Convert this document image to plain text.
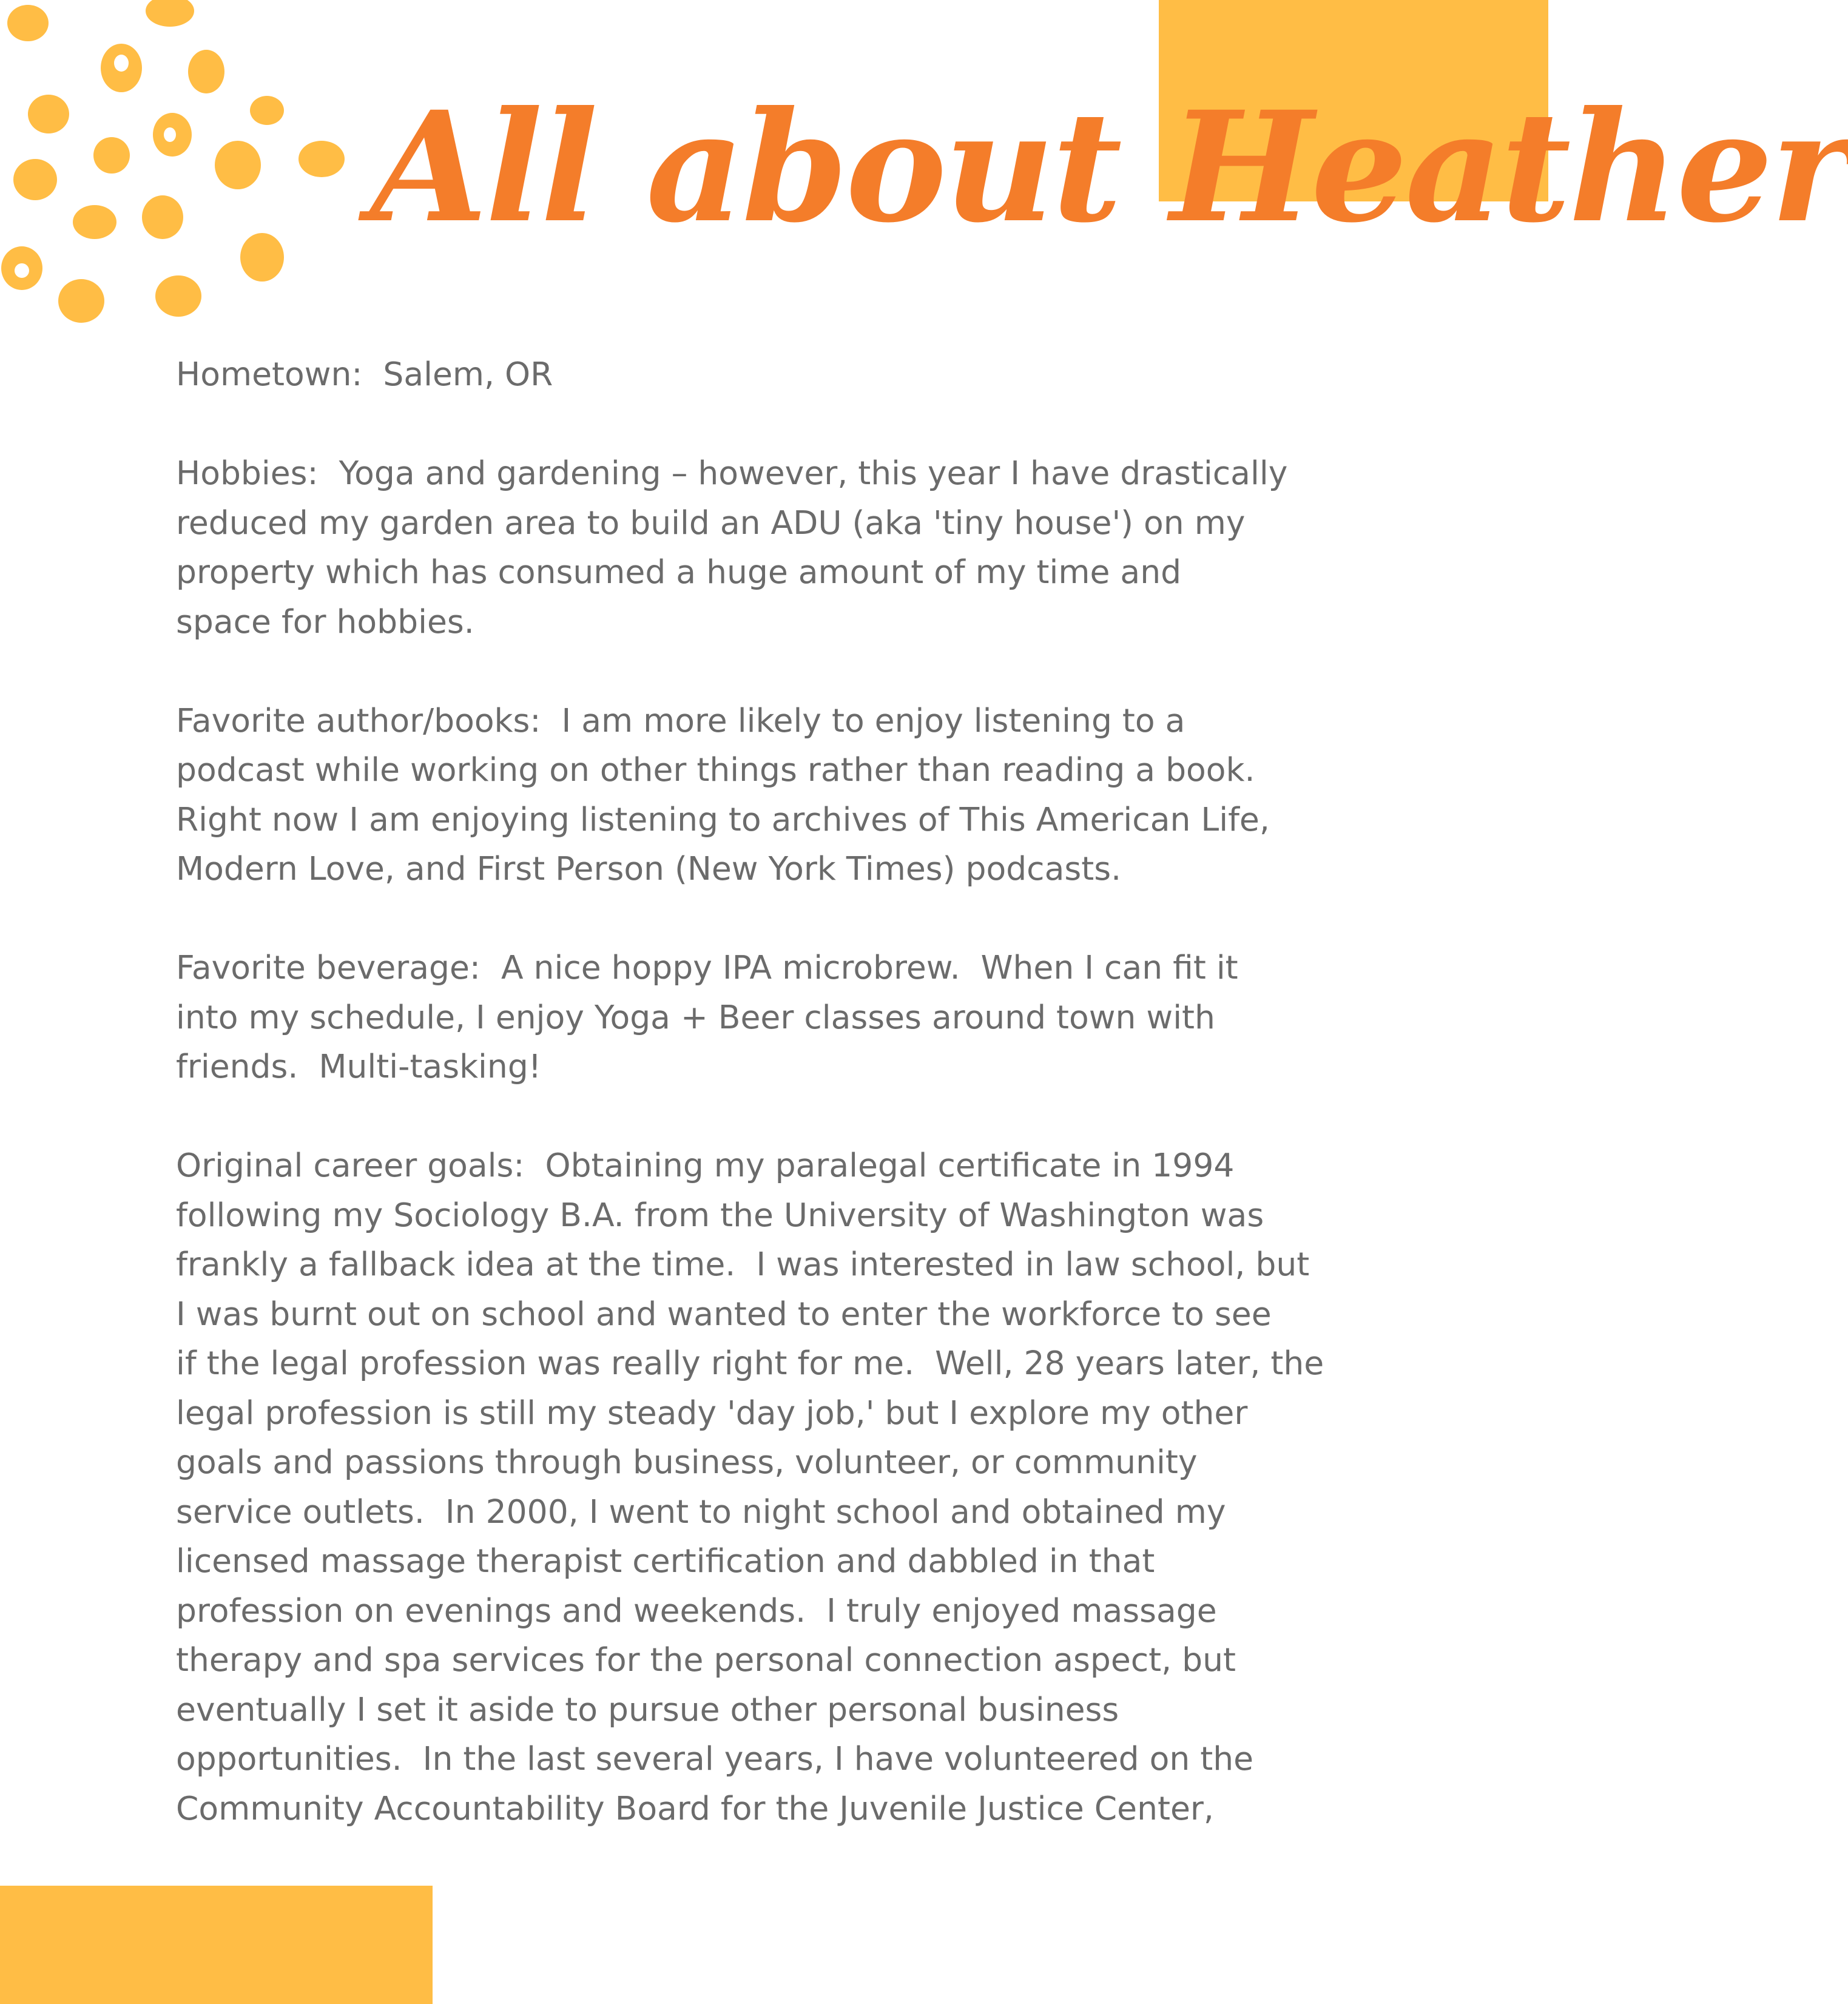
All about Heather

Hometown:  Salem, OR

Hobbies:  Yoga and gardening – however, this year I have drastically
reduced my garden area to build an ADU (aka 'tiny house') on my
property which has consumed a huge amount of my time and
space for hobbies.

Favorite author/books:  I am more likely to enjoy listening to a
podcast while working on other things rather than reading a book.
Right now I am enjoying listening to archives of This American Life,
Modern Love, and First Person (New York Times) podcasts.

Favorite beverage:  A nice hoppy IPA microbrew.  When I can fit it
into my schedule, I enjoy Yoga + Beer classes around town with
friends.  Multi-tasking!

Original career goals:  Obtaining my paralegal certificate in 1994
following my Sociology B.A. from the University of Washington was
frankly a fallback idea at the time.  I was interested in law school, but
I was burnt out on school and wanted to enter the workforce to see
if the legal profession was really right for me.  Well, 28 years later, the
legal profession is still my steady 'day job,' but I explore my other
goals and passions through business, volunteer, or community
service outlets.  In 2000, I went to night school and obtained my
licensed massage therapist certification and dabbled in that
profession on evenings and weekends.  I truly enjoyed massage
therapy and spa services for the personal connection aspect, but
eventually I set it aside to pursue other personal business
opportunities.  In the last several years, I have volunteered on the
Community Accountability Board for the Juvenile Justice Center,
